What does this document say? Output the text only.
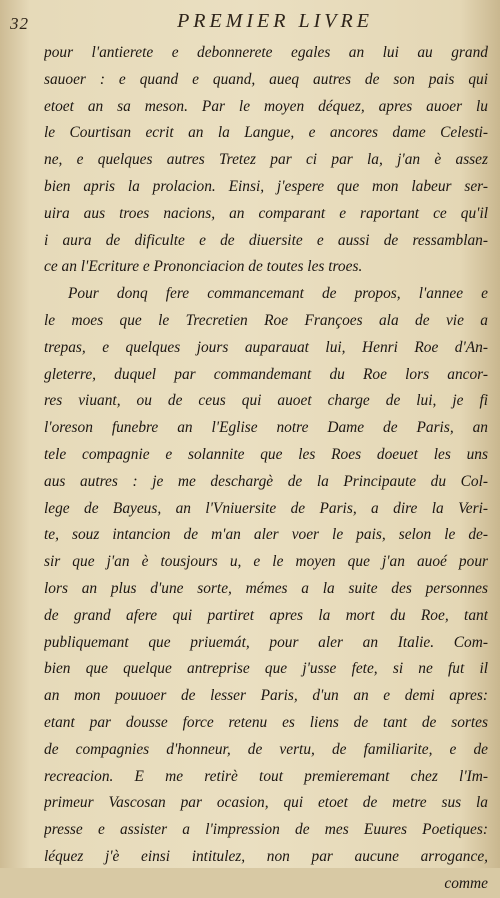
32	PREMIER LIVRE
pour l'antierete e debonnerete egales an lui au grand
sauoer : e quand e quand, aueq autres de son pais qui
etoet an sa meson. Par le moyen déquez, apres auoer lu
le Courtisan ecrit an la Langue, e ancores dame Celesti-
ne, e quelques autres Tretez par ci par la, j'an è assez
bien apris la prolacion. Einsi, j'espere que mon labeur ser-
uira aus troes nacions, an comparant e raportant ce qu'il
i aura de dificulte e de diuersite e aussi de ressamblan-
ce an l'Ecriture e Prononciacion de toutes les troes.
Pour donq fere commancemant de propos, l'annee e
le moes que le Trecretien Roe Françoes ala de vie a
trepas, e quelques jours auparauat lui, Henri Roe d'An-
gleterre, duquel par commandemant du Roe lors ancor-
res viuant, ou de ceus qui auoet charge de lui, je fi
l'oreson funebre an l'Eglise notre Dame de Paris, an
tele compagnie e solannite que les Roes doeuet les uns
aus autres : je me deschargè de la Principaute du Col-
lege de Bayeus, an l'Vniuersite de Paris, a dire la Veri-
te, souz intancion de m'an aler voer le pais, selon le de-
sir que j'an è tousjours u, e le moyen que j'an auoé pour
lors an plus d'une sorte, mémes a la suite des personnes
de grand afere qui partiret apres la mort du Roe, tant
publiquemant que priuemát, pour aler an Italie. Com-
bien que quelque antreprise que j'usse fete, si ne fut il
an mon pouuoer de lesser Paris, d'un an e demi apres:
etant par dousse force retenu es liens de tant de sortes
de compagnies d'honneur, de vertu, de familiarite, e de
recreacion. E me retirè tout premieremant chez l'Im-
primeur Vascosan par ocasion, qui etoet de metre sus la
presse e assister a l'impression de mes Euures Poetiques:
léquez j'è einsi intitulez, non par aucune arrogance,
comme
